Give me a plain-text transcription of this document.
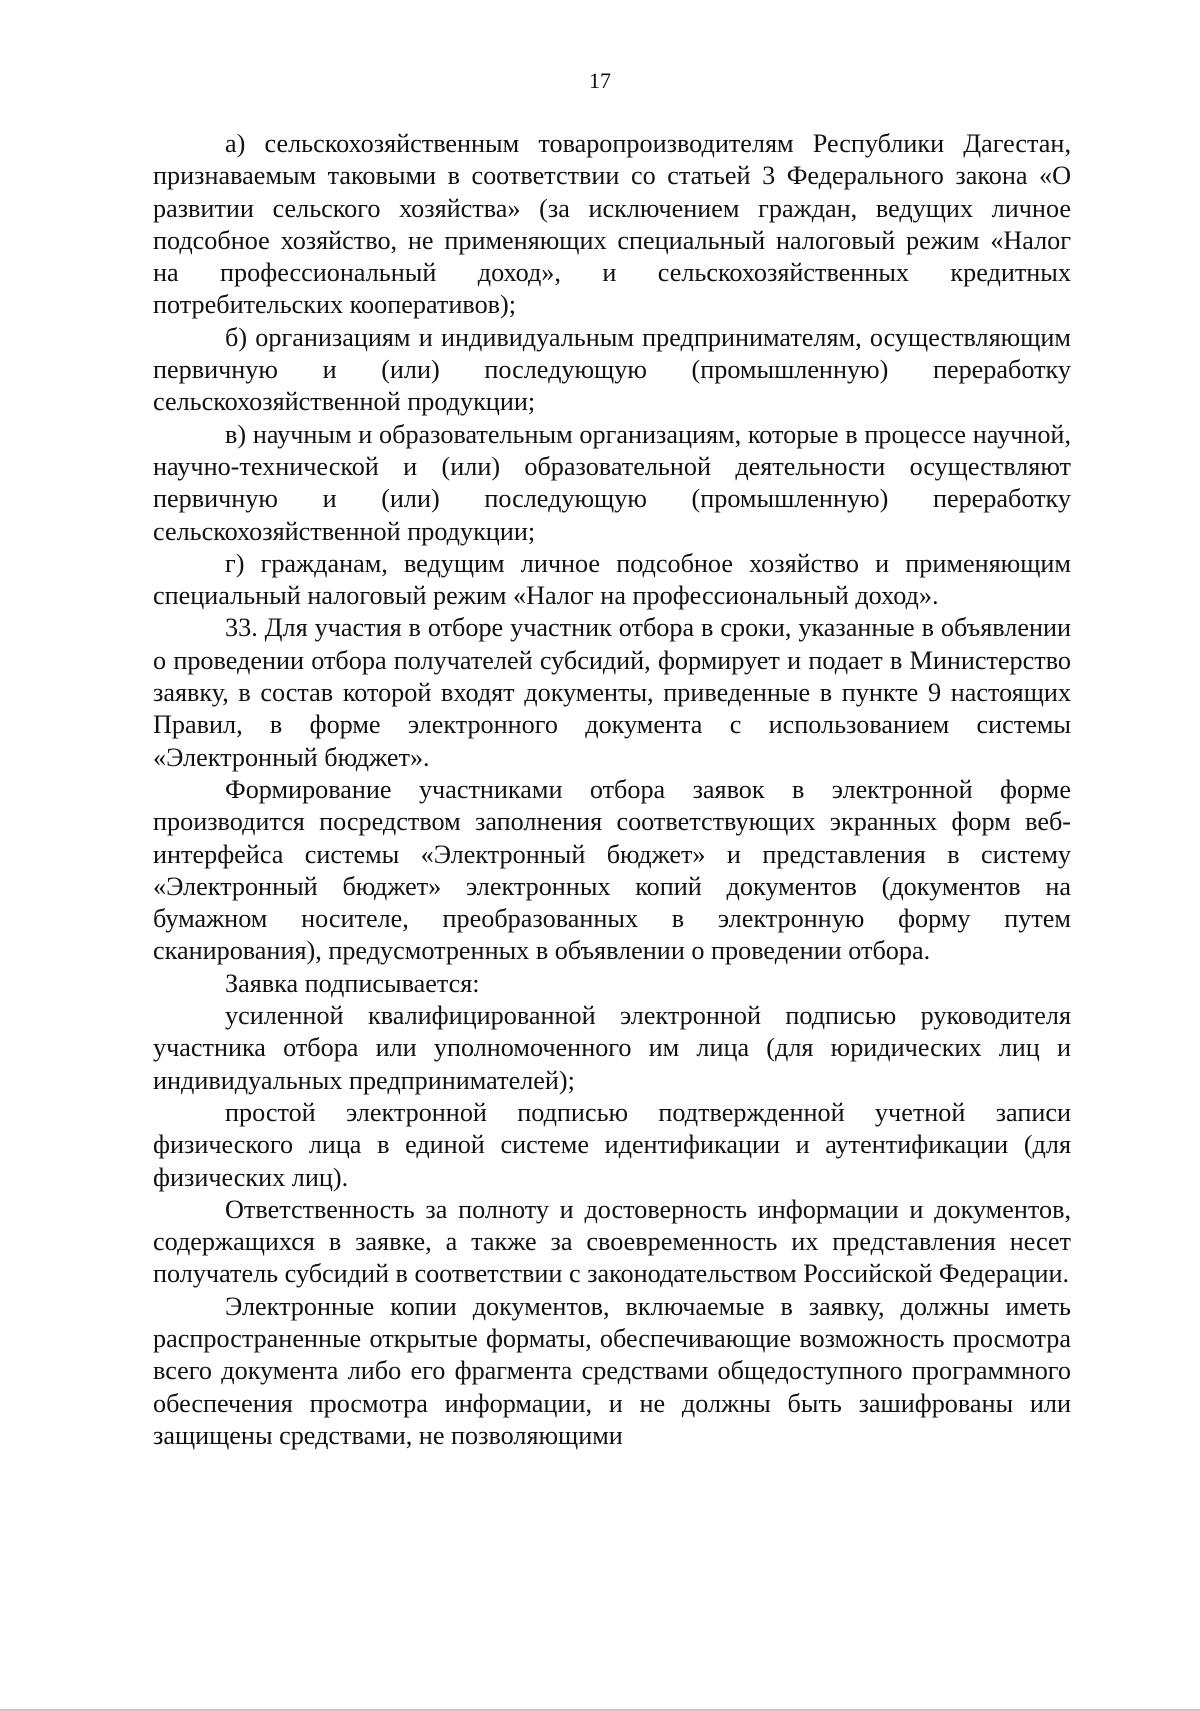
17

а) сельскохозяйственным товаропроизводителям Республики Дагестан, признаваемым таковыми в соответствии со статьей 3 Федерального закона «О развитии сельского хозяйства» (за исключением граждан, ведущих личное подсобное хозяйство, не применяющих специальный налоговый режим «Налог на профессиональный доход», и сельскохозяйственных кредитных потребительских кооперативов);

б) организациям и индивидуальным предпринимателям, осуществляющим первичную и (или) последующую (промышленную) переработку сельскохозяйственной продукции;

в) научным и образовательным организациям, которые в процессе научной, научно-технической и (или) образовательной деятельности осуществляют первичную и (или) последующую (промышленную) переработку сельскохозяйственной продукции;

г) гражданам, ведущим личное подсобное хозяйство и применяющим специальный налоговый режим «Налог на профессиональный доход».

33. Для участия в отборе участник отбора в сроки, указанные в объявлении о проведении отбора получателей субсидий, формирует и подает в Министерство заявку, в состав которой входят документы, приведенные в пункте 9 настоящих Правил, в форме электронного документа с использованием системы «Электронный бюджет».

Формирование участниками отбора заявок в электронной форме производится посредством заполнения соответствующих экранных форм веб-интерфейса системы «Электронный бюджет» и представления в систему «Электронный бюджет» электронных копий документов (документов на бумажном носителе, преобразованных в электронную форму путем сканирования), предусмотренных в объявлении о проведении отбора.

Заявка подписывается:

усиленной квалифицированной электронной подписью руководителя участника отбора или уполномоченного им лица (для юридических лиц и индивидуальных предпринимателей);

простой электронной подписью подтвержденной учетной записи физического лица в единой системе идентификации и аутентификации (для физических лиц).

Ответственность за полноту и достоверность информации и документов, содержащихся в заявке, а также за своевременность их представления несет получатель субсидий в соответствии с законодательством Российской Федерации.

Электронные копии документов, включаемые в заявку, должны иметь распространенные открытые форматы, обеспечивающие возможность просмотра всего документа либо его фрагмента средствами общедоступного программного обеспечения просмотра информации, и не должны быть зашифрованы или защищены средствами, не позволяющими
